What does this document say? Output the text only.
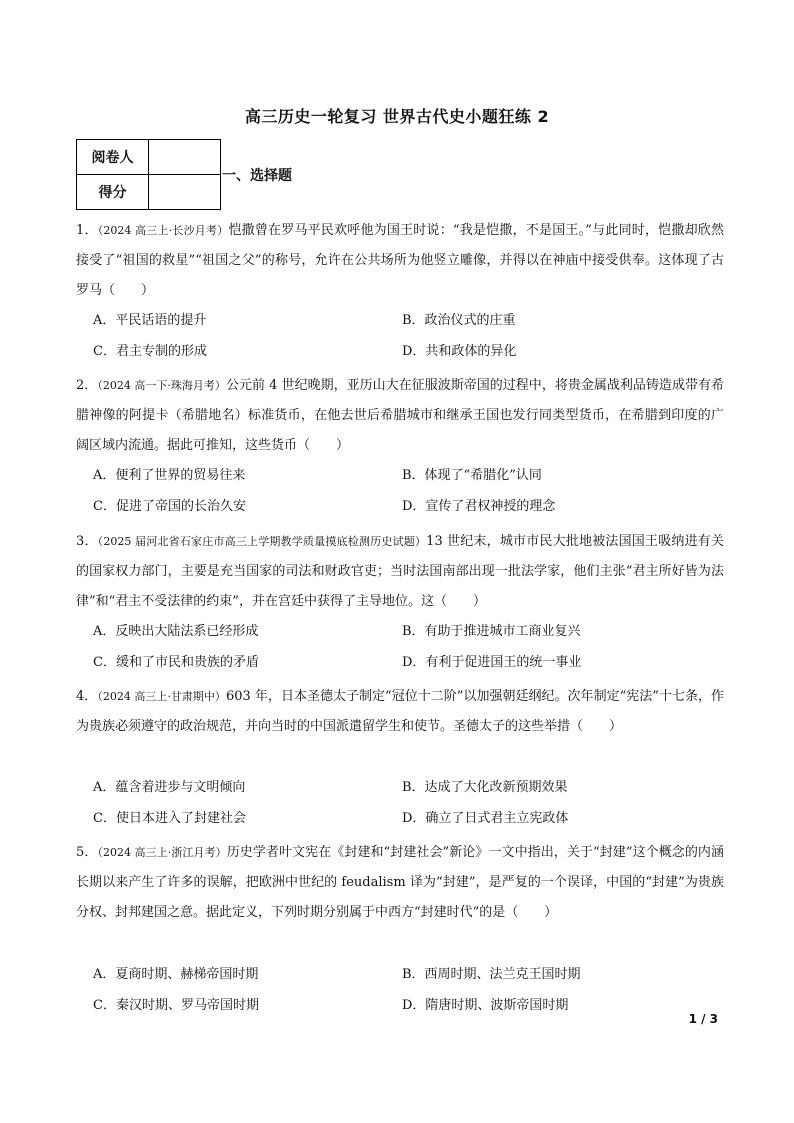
高三历史一轮复习 世界古代史小题狂练 2
阅卷人	
得分	
一、选择题
1．（2024 高三上·长沙月考）恺撒曾在罗马平民欢呼他为国王时说：“我是恺撒，不是国王。”与此同时，恺撒却欣然接受了“祖国的救星”“祖国之父”的称号，允许在公共场所为他竖立雕像，并得以在神庙中接受供奉。这体现了古罗马（　　）
A．平民话语的提升	B．政治仪式的庄重
C．君主专制的形成	D．共和政体的异化
2．（2024 高一下·珠海月考）公元前 4 世纪晚期，亚历山大在征服波斯帝国的过程中，将贵金属战利品铸造成带有希腊神像的阿提卡（希腊地名）标准货币，在他去世后希腊城市和继承王国也发行同类型货币，在希腊到印度的广阔区域内流通。据此可推知，这些货币（　　）
A．便利了世界的贸易往来	B．体现了“希腊化”认同
C．促进了帝国的长治久安	D．宣传了君权神授的理念
3．（2025 届河北省石家庄市高三上学期教学质量摸底检测历史试题）13 世纪末，城市市民大批地被法国国王吸纳进有关的国家权力部门，主要是充当国家的司法和财政官吏；当时法国南部出现一批法学家，他们主张“君主所好皆为法律”和“君主不受法律的约束”，并在宫廷中获得了主导地位。这（　　）
A．反映出大陆法系已经形成	B．有助于推进城市工商业复兴
C．缓和了市民和贵族的矛盾	D．有利于促进国王的统一事业
4．（2024 高三上·甘肃期中）603 年，日本圣德太子制定“冠位十二阶”以加强朝廷纲纪。次年制定“宪法”十七条，作为贵族必须遵守的政治规范，并向当时的中国派遣留学生和使节。圣德太子的这些举措（　　）
A．蕴含着进步与文明倾向	B．达成了大化改新预期效果
C．使日本进入了封建社会	D．确立了日式君主立宪政体
5．（2024 高三上·浙江月考）历史学者叶文宪在《封建和“封建社会”新论》一文中指出，关于“封建”这个概念的内涵长期以来产生了许多的误解，把欧洲中世纪的 feudalism 译为“封建”，是严复的一个误译，中国的“封建”为贵族分权、封邦建国之意。据此定义，下列时期分别属于中西方“封建时代”的是（　　）
A．夏商时期、赫梯帝国时期	B．西周时期、法兰克王国时期
C．秦汉时期、罗马帝国时期	D．隋唐时期、波斯帝国时期
1 / 3
